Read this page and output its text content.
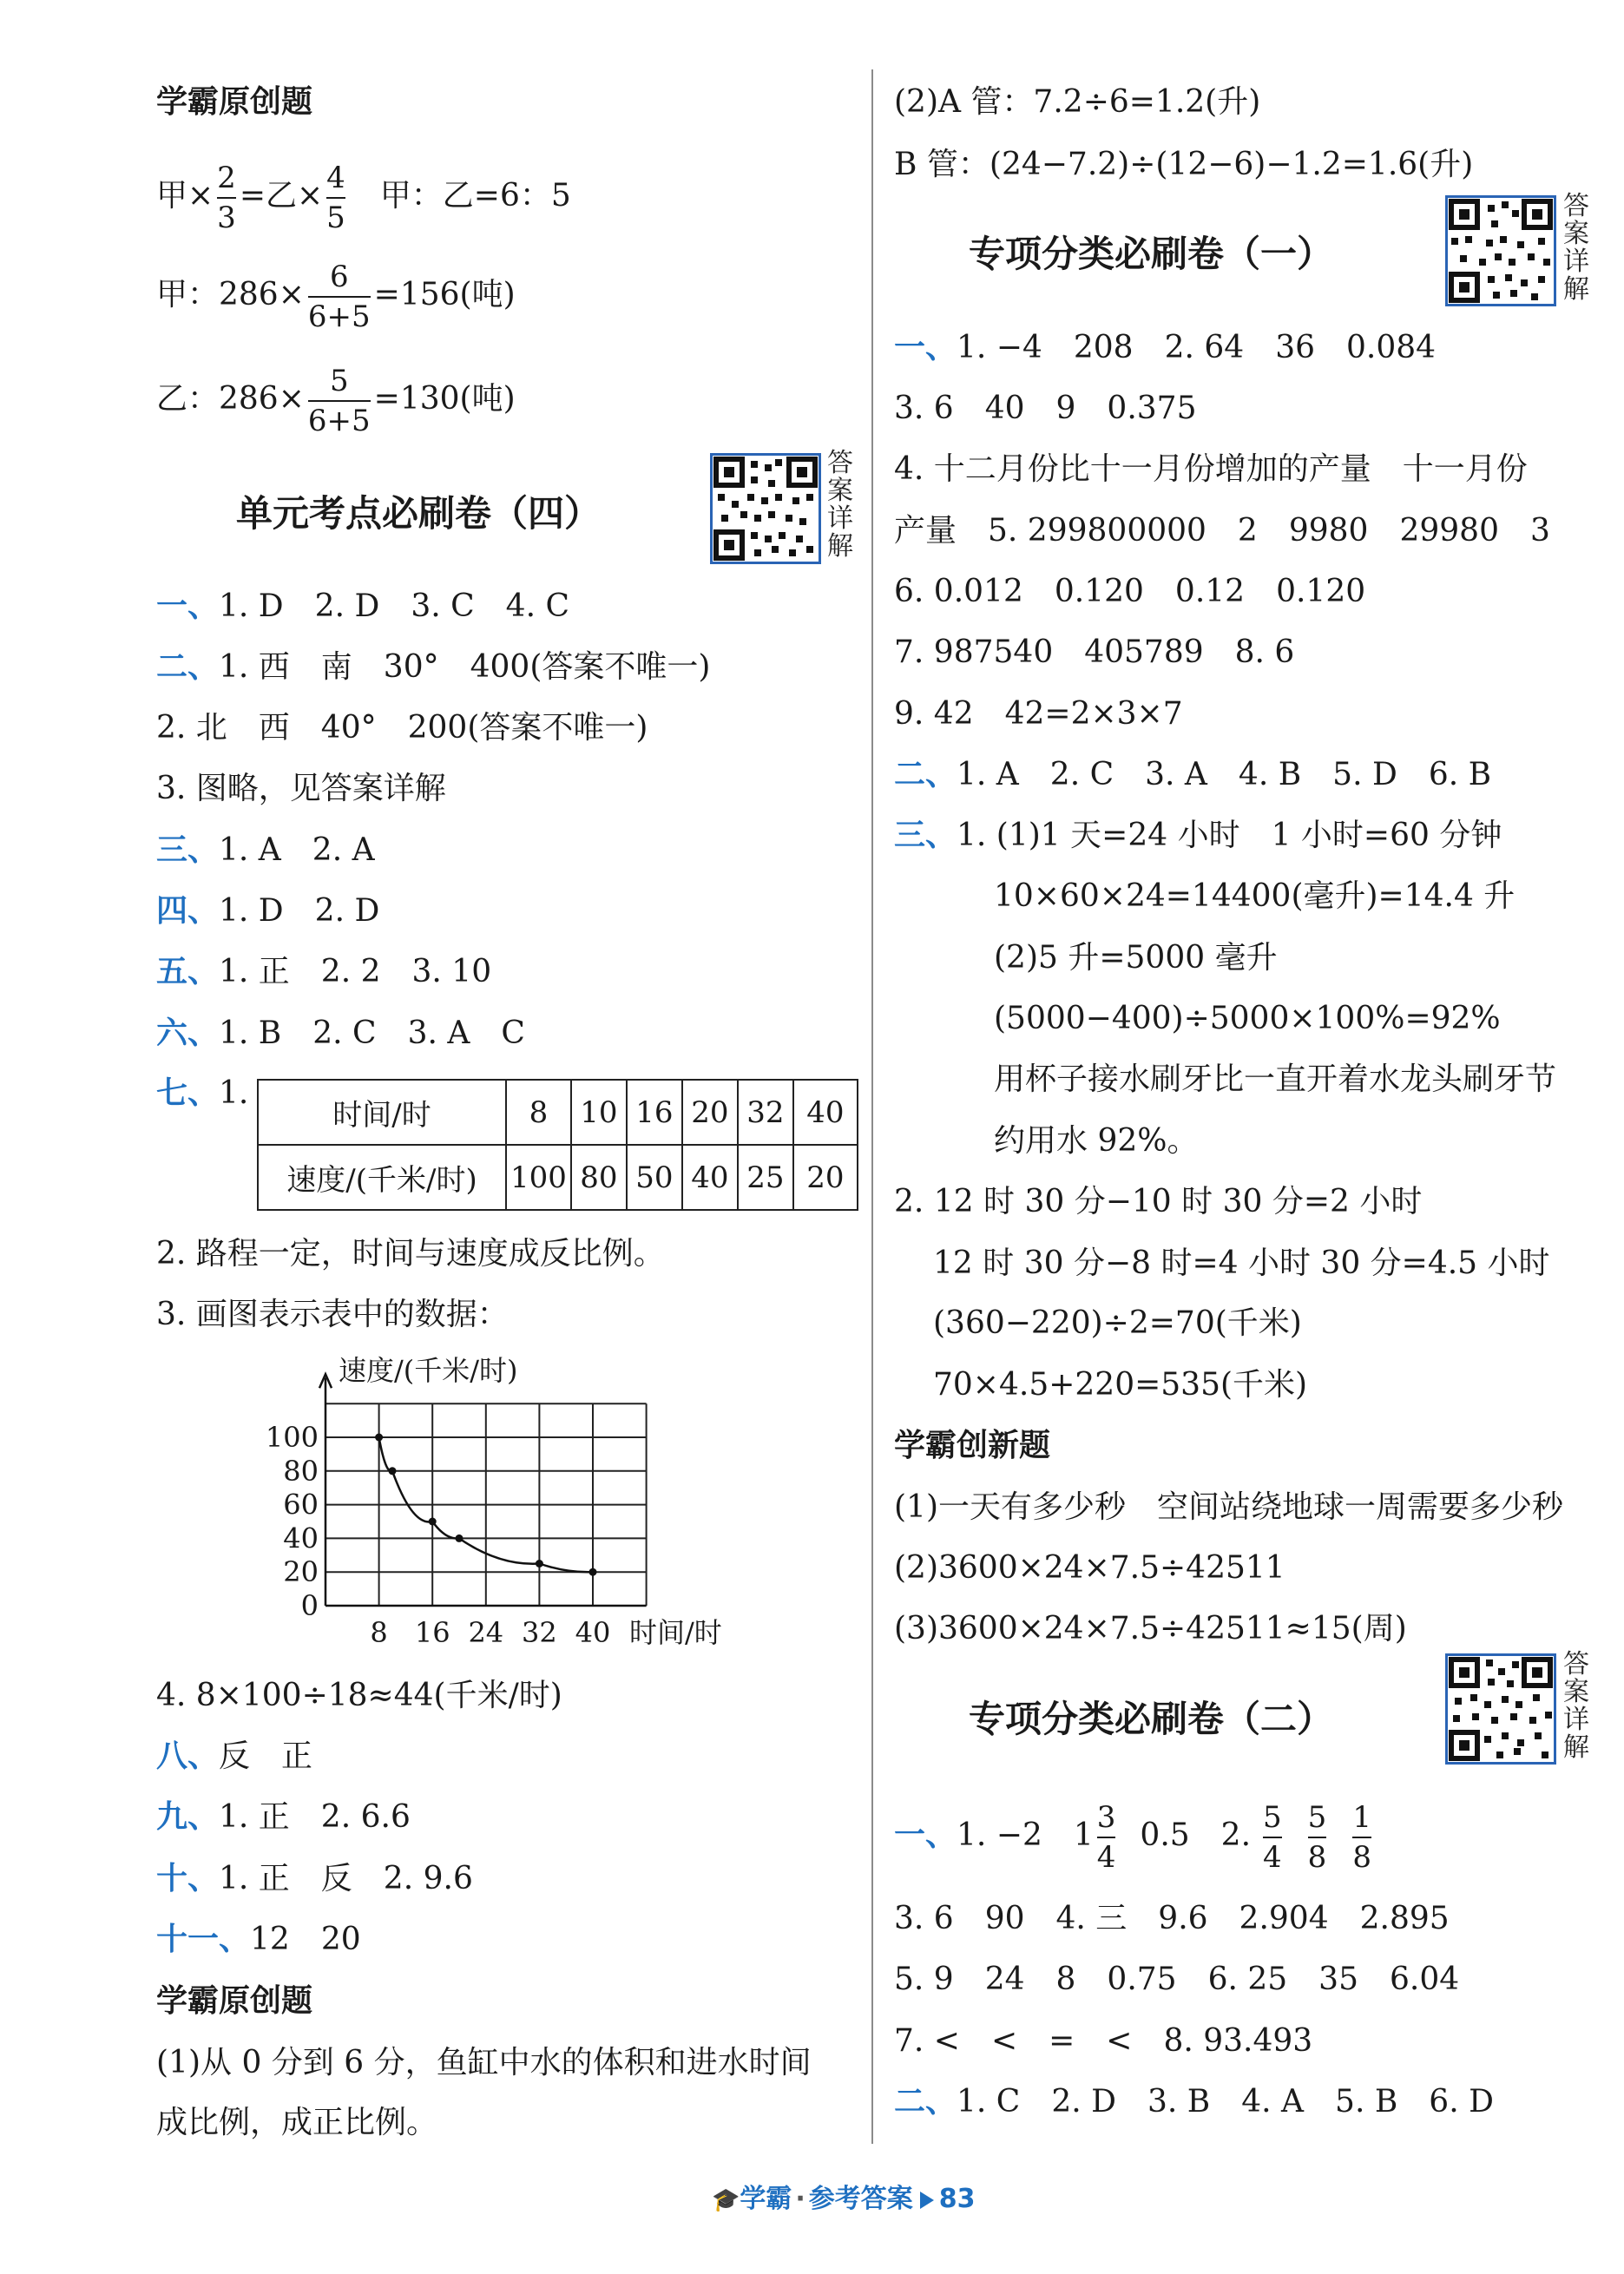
学霸原创题
甲× $\frac{2}{3}$ =乙× $\frac{4}{5}$ 甲：乙=6：5
甲：$286\times \frac{6}{6+5} =156$(吨)
乙：$286\times \frac{5}{6+5} =130$(吨)
单元考点必刷卷（四）
答案详解
一、1. D　2. D　3. C　4. C
二、1. 西　南　30°　400(答案不唯一)
2. 北　西　40°　200(答案不唯一)
3. 图略，见答案详解
三、1. A　2. A
四、1. D　2. D
五、1. 正　2. 2　3. 10
六、1. B　2. C　3. A　C
七、1.
时间/时	8	10	16	20	32	40
速度/(千米/时)	100	80	50	40	25	20
2. 路程一定，时间与速度成反比例。
3. 画图表示表中的数据：
0
20
40
60
80
100
8 16 24 32 40
速度/(千米/时)
时间/时
4. 8×100÷18≈44(千米/时)
八、反　正
九、1. 正　2. 6.6
十、1. 正　反　2. 9.6
十一、12　20
学霸原创题
(1)从 0 分到 6 分，鱼缸中水的体积和进水时间
成比例，成正比例。
(2)A 管：7.2÷6=1.2(升)
B 管：(24−7.2)÷(12−6)−1.2=1.6(升)
专项分类必刷卷（一）
答案详解
一、1. −4　208　2. 64　36　0.084
3. 6　40　9　0.375
4. 十二月份比十一月份增加的产量　十一月份
产量　5. 299800000　2　9980　29980　3
6. 0.012　0.120　0.12　0.120
7. 987540　405789　8. 6
9. 42　42=2×3×7
二、1. A　2. C　3. A　4. B　5. D　6. B
三、1. (1)1 天=24 小时　1 小时=60 分钟
10×60×24=14400(毫升)=14.4 升
(2)5 升=5000 毫升
(5000−400)÷5000×100%=92%
用杯子接水刷牙比一直开着水龙头刷牙节
约用水 92%。
2. 12 时 30 分−10 时 30 分=2 小时
12 时 30 分−8 时=4 小时 30 分=4.5 小时
(360−220)÷2=70(千米)
70×4.5+220=535(千米)
学霸创新题
(1)一天有多少秒　空间站绕地球一周需要多少秒
(2)3600×24×7.5÷42511
(3)3600×24×7.5÷42511≈15(周)
专项分类必刷卷（二）
答案详解
一、1. −2　$1 \frac{3}{4} 0.5$　2. $\frac{5}{4} \frac{5}{8} \frac{1}{8}$
3. 6　90　4. 三　9.6　2.904　2.895
5. 9　24　8　0.75　6. 25　35　6.04
7. <　<　=　<　8. 93.493
二、1. C　2. D　3. B　4. A　5. B　6. D
🎓学霸 · 参考答案 83
